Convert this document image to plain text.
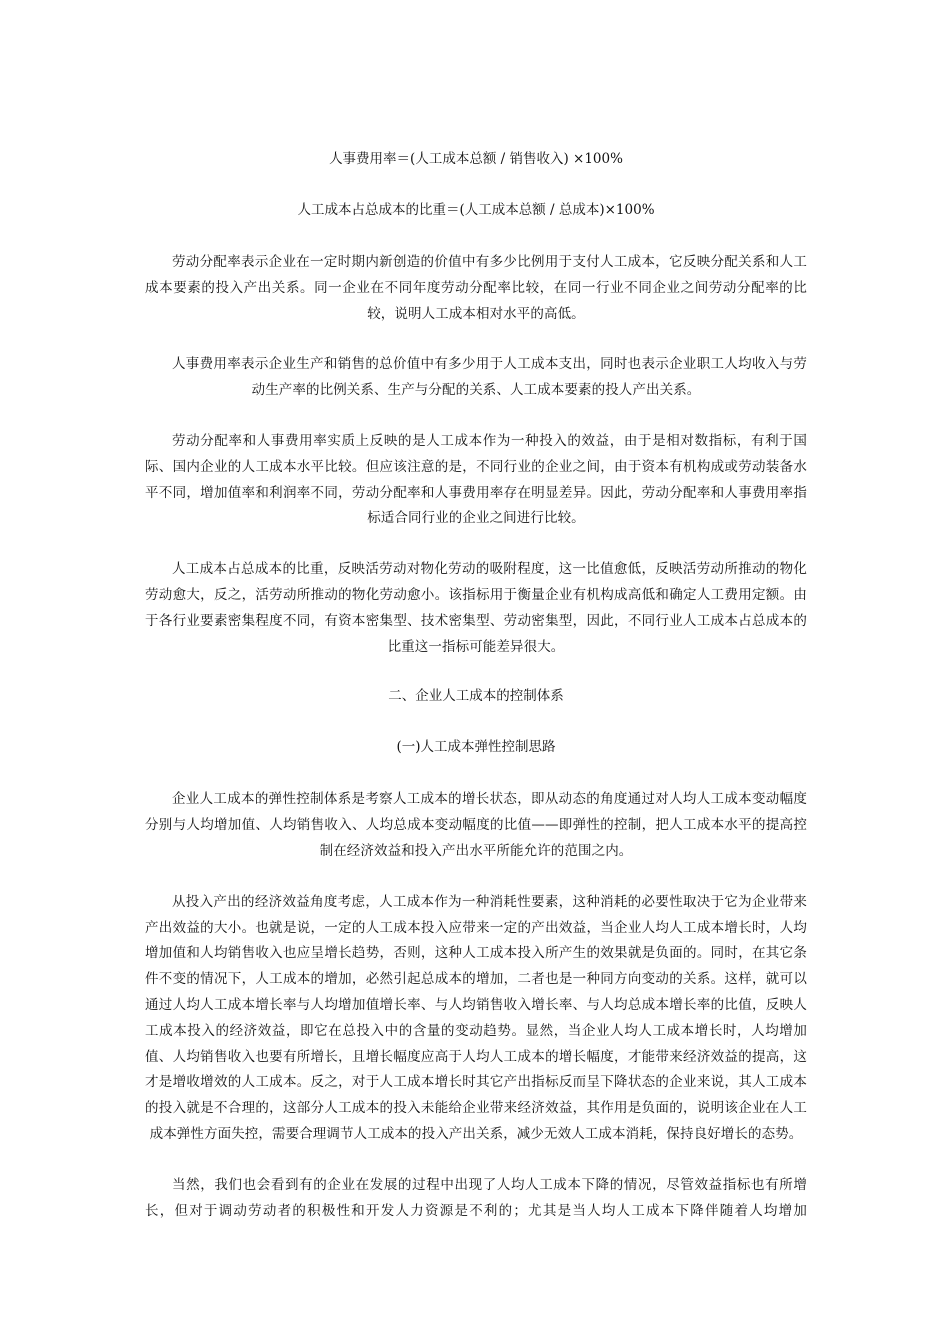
人事费用率＝(人工成本总额 / 销售收入) ×100%

人工成本占总成本的比重＝(人工成本总额 / 总成本)×100%

劳动分配率表示企业在一定时期内新创造的价值中有多少比例用于支付人工成本，它反映分配关系和人工成本要素的投入产出关系。同一企业在不同年度劳动分配率比较，在同一行业不同企业之间劳动分配率的比较，说明人工成本相对水平的高低。

人事费用率表示企业生产和销售的总价值中有多少用于人工成本支出，同时也表示企业职工人均收入与劳动生产率的比例关系、生产与分配的关系、人工成本要素的投人产出关系。

劳动分配率和人事费用率实质上反映的是人工成本作为一种投入的效益，由于是相对数指标，有利于国际、国内企业的人工成本水平比较。但应该注意的是，不同行业的企业之间，由于资本有机构成或劳动装备水平不同，增加值率和利润率不同，劳动分配率和人事费用率存在明显差异。因此，劳动分配率和人事费用率指标适合同行业的企业之间进行比较。

人工成本占总成本的比重，反映活劳动对物化劳动的吸附程度，这一比值愈低，反映活劳动所推动的物化劳动愈大，反之，活劳动所推动的物化劳动愈小。该指标用于衡量企业有机构成高低和确定人工费用定额。由于各行业要素密集程度不同，有资本密集型、技术密集型、劳动密集型，因此，不同行业人工成本占总成本的比重这一指标可能差异很大。

二、企业人工成本的控制体系

(一)人工成本弹性控制思路

企业人工成本的弹性控制体系是考察人工成本的增长状态，即从动态的角度通过对人均人工成本变动幅度分别与人均增加值、人均销售收入、人均总成本变动幅度的比值——即弹性的控制，把人工成本水平的提高控制在经济效益和投入产出水平所能允许的范围之内。

从投入产出的经济效益角度考虑，人工成本作为一种消耗性要素，这种消耗的必要性取决于它为企业带来产出效益的大小。也就是说，一定的人工成本投入应带来一定的产出效益，当企业人均人工成本增长时，人均增加值和人均销售收入也应呈增长趋势，否则，这种人工成本投入所产生的效果就是负面的。同时，在其它条件不变的情况下，人工成本的增加，必然引起总成本的增加，二者也是一种同方向变动的关系。这样，就可以通过人均人工成本增长率与人均增加值增长率、与人均销售收入增长率、与人均总成本增长率的比值，反映人工成本投入的经济效益，即它在总投入中的含量的变动趋势。显然，当企业人均人工成本增长时，人均增加值、人均销售收入也要有所增长，且增长幅度应高于人均人工成本的增长幅度，才能带来经济效益的提高，这才是增收增效的人工成本。反之，对于人工成本增长时其它产出指标反而呈下降状态的企业来说，其人工成本的投入就是不合理的，这部分人工成本的投入未能给企业带来经济效益，其作用是负面的，说明该企业在人工成本弹性方面失控，需要合理调节人工成本的投入产出关系，减少无效人工成本消耗，保持良好增长的态势。

当然，我们也会看到有的企业在发展的过程中出现了人均人工成本下降的情况，尽管效益指标也有所增长，但对于调动劳动者的积极性和开发人力资源是不利的；尤其是当人均人工成本下降伴随着人均增加
